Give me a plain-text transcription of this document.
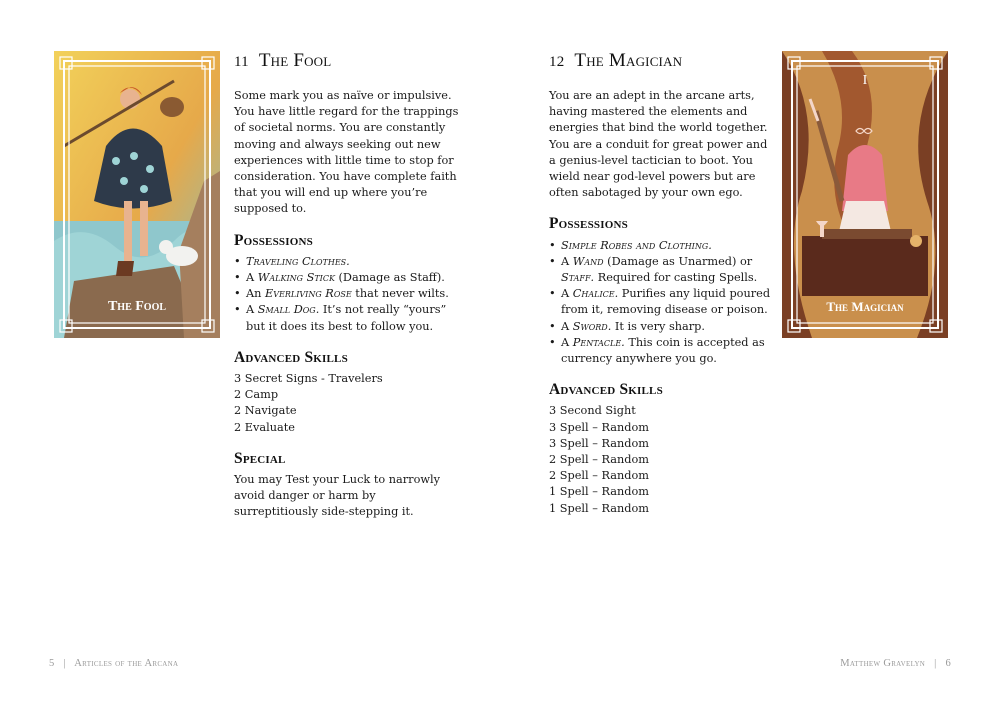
The Fool
11 The Fool

Some mark you as naïve or impulsive. You have little regard for the trappings of societal norms. You are constantly moving and always seeking out new experiences with little time to stop for consideration. You have complete faith that you will end up where you’re supposed to.

Possessions
• Traveling Clothes.
• A Walking Stick (Damage as Staff).
• An Everliving Rose that never wilts.
• A Small Dog. It’s not really “yours” but it does its best to follow you.
Advanced Skills
3 Secret Signs - Travelers
2 Camp
2 Navigate
2 Evaluate
Special

You may Test your Luck to narrowly avoid danger or harm by surreptitiously side-stepping it.

12 The Magician

You are an adept in the arcane arts, having mastered the elements and energies that bind the world together. You are a conduit for great power and a genius-level tactician to boot. You wield near god-level powers but are often sabotaged by your own ego.

Possessions
• Simple Robes and Clothing.
• A Wand (Damage as Unarmed) or Staff. Required for casting Spells.
• A Chalice. Purifies any liquid poured from it, removing disease or poison.
• A Sword. It is very sharp.
• A Pentacle. This coin is accepted as currency anywhere you go.
Advanced Skills
3 Second Sight
3 Spell – Random
3 Spell – Random
2 Spell – Random
2 Spell – Random
1 Spell – Random
1 Spell – Random
I
The Magician
5 | Articles of the Arcana	Matthew Gravelyn | 6
